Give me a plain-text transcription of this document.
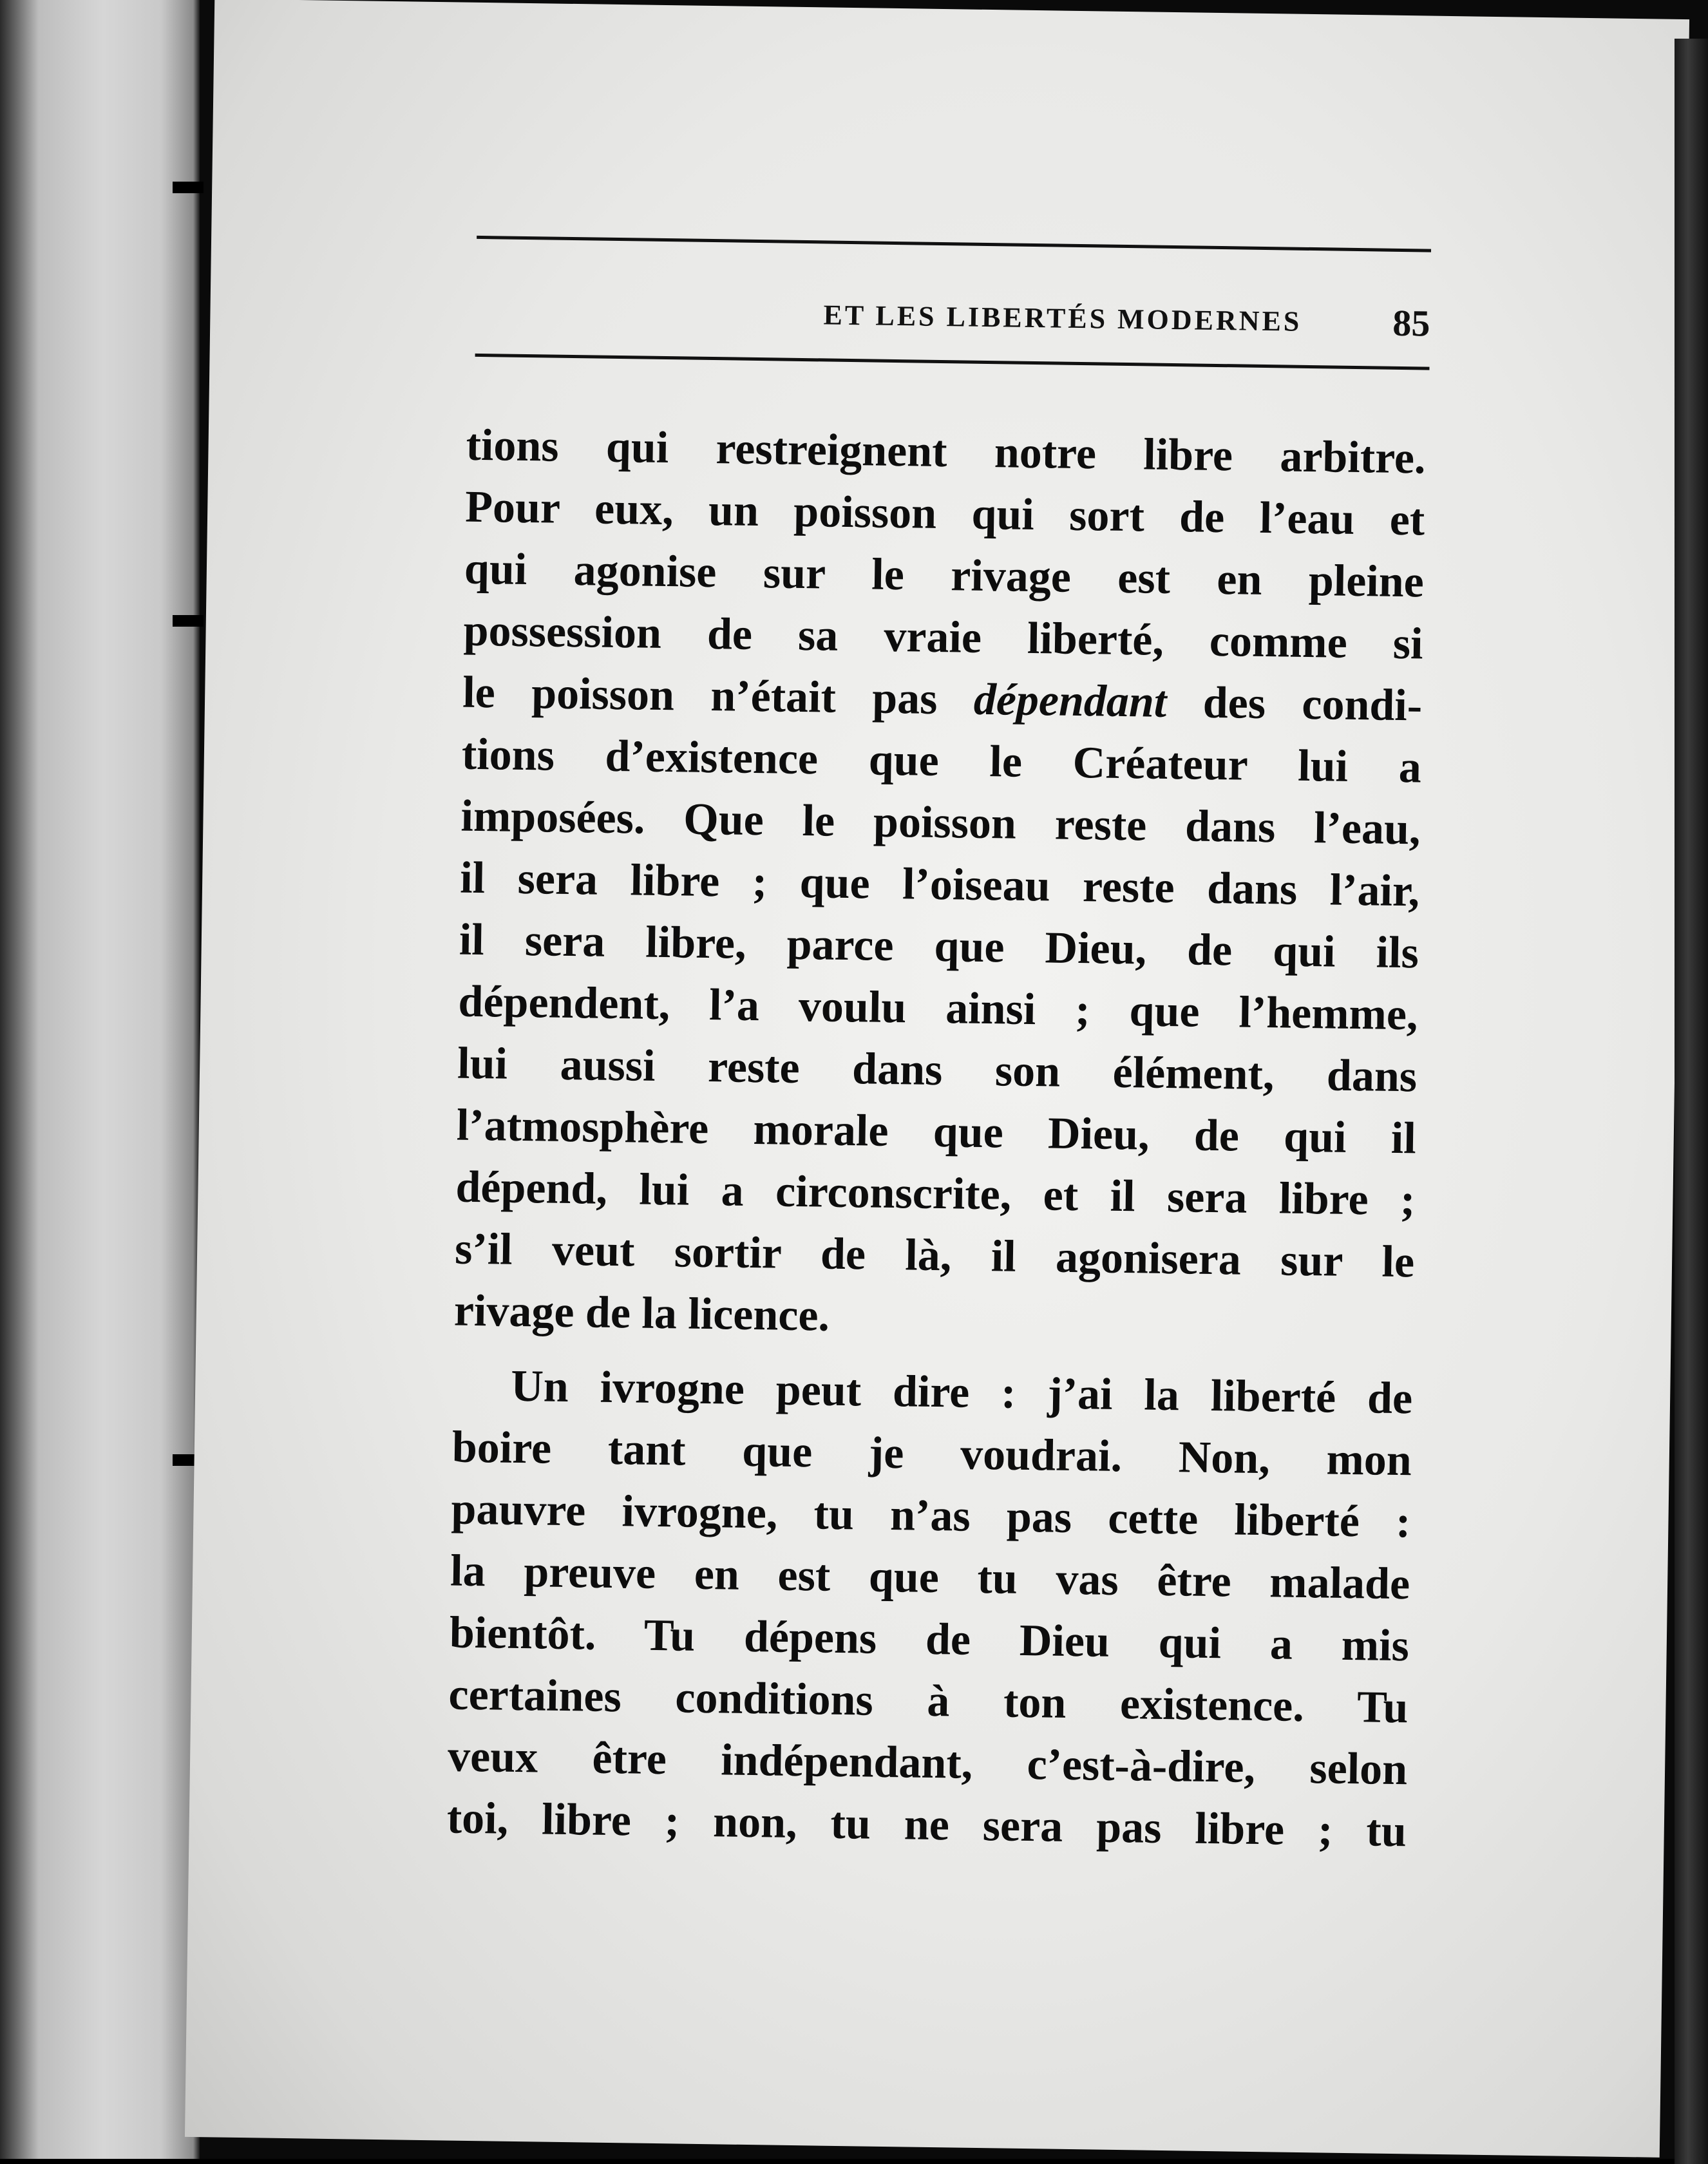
ET LES LIBERTÉS MODERNES 85
tions qui restreignent notre libre arbitre.
Pour eux, un poisson qui sort de l’eau et
qui agonise sur le rivage est en pleine
possession de sa vraie liberté, comme si
le poisson n’était pas dépendant des condi-
tions d’existence que le Créateur lui a
imposées. Que le poisson reste dans l’eau,
il sera libre ; que l’oiseau reste dans l’air,
il sera libre, parce que Dieu, de qui ils
dépendent, l’a voulu ainsi ; que l’hemme,
lui aussi reste dans son élément, dans
l’atmosphère morale que Dieu, de qui il
dépend, lui a circonscrite, et il sera libre ;
s’il veut sortir de là, il agonisera sur le
rivage de la licence.
Un ivrogne peut dire : j’ai la liberté de
boire tant que je voudrai. Non, mon
pauvre ivrogne, tu n’as pas cette liberté :
la preuve en est que tu vas être malade
bientôt. Tu dépens de Dieu qui a mis
certaines conditions à ton existence. Tu
veux être indépendant, c’est-à-dire, selon
toi, libre ; non, tu ne sera pas libre ; tu
